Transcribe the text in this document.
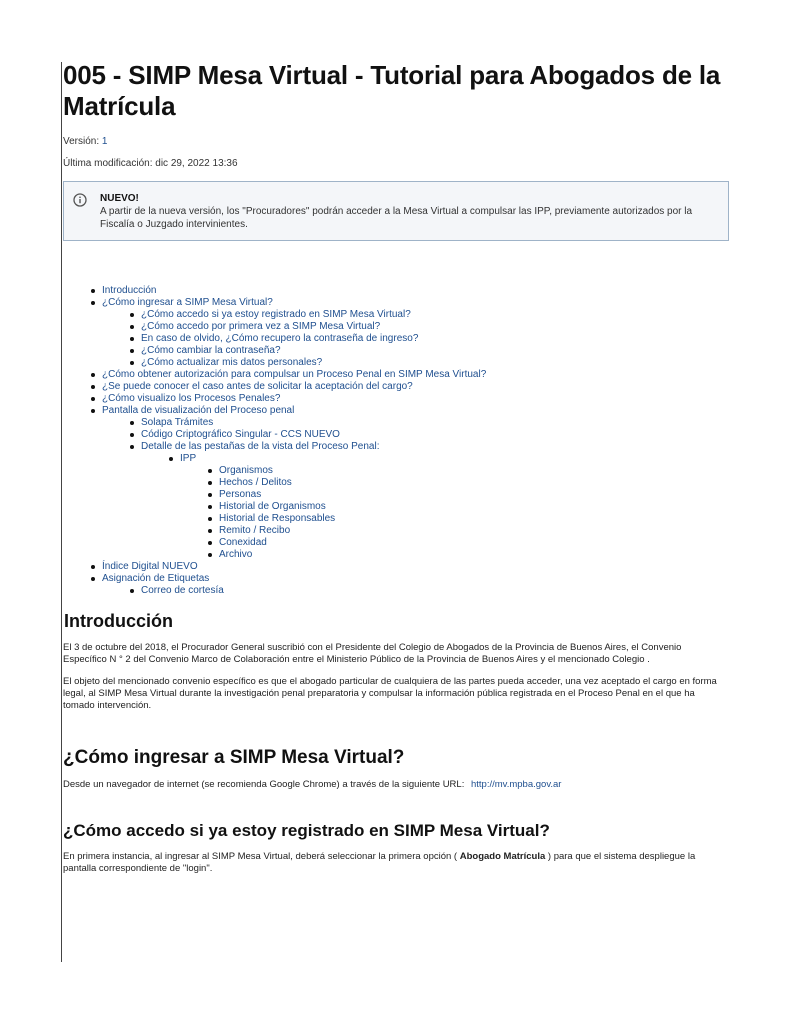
005 - SIMP Mesa Virtual - Tutorial para Abogados de la Matrícula
Versión: 1
Última modificación: dic 29, 2022 13:36
NUEVO!
A partir de la nueva versión, los "Procuradores" podrán acceder a la Mesa Virtual a compulsar las IPP, previamente autorizados por la Fiscalía o Juzgado intervinientes.
Introducción
¿Cómo ingresar a SIMP Mesa Virtual?
¿Cómo accedo si ya estoy registrado en SIMP Mesa Virtual?
¿Cómo accedo por primera vez a SIMP Mesa Virtual?
En caso de olvido, ¿Cómo recupero la contraseña de ingreso?
¿Cómo cambiar la contraseña?
¿Cómo actualizar mis datos personales?
¿Cómo obtener autorización para compulsar un Proceso Penal en SIMP Mesa Virtual?
¿Se puede conocer el caso antes de solicitar la aceptación del cargo?
¿Cómo visualizo los Procesos Penales?
Pantalla de visualización del Proceso penal
Solapa Trámites
Código Criptográfico Singular - CCS NUEVO
Detalle de las pestañas de la vista del Proceso Penal:
IPP
Organismos
Hechos / Delitos
Personas
Historial de Organismos
Historial de Responsables
Remito / Recibo
Conexidad
Archivo
Índice Digital NUEVO
Asignación de Etiquetas
Correo de cortesía
Introducción

El 3 de octubre del 2018, el Procurador General suscribió con el Presidente del Colegio de Abogados de la Provincia de Buenos Aires, el Convenio Específico N ° 2 del Convenio Marco de Colaboración entre el Ministerio Público de la Provincia de Buenos Aires y el mencionado Colegio .

El objeto del mencionado convenio específico es que el abogado particular de cualquiera de las partes pueda acceder, una vez aceptado el cargo en forma legal, al SIMP Mesa Virtual durante la investigación penal preparatoria y compulsar la información pública registrada en el Proceso Penal en el que ha tomado intervención.

¿Cómo ingresar a SIMP Mesa Virtual?

Desde un navegador de internet (se recomienda Google Chrome) a través de la siguiente URL: http://mv.mpba.gov.ar

¿Cómo accedo si ya estoy registrado en SIMP Mesa Virtual?

En primera instancia, al ingresar al SIMP Mesa Virtual, deberá seleccionar la primera opción ( Abogado Matrícula ) para que el sistema despliegue la pantalla correspondiente de "login".
